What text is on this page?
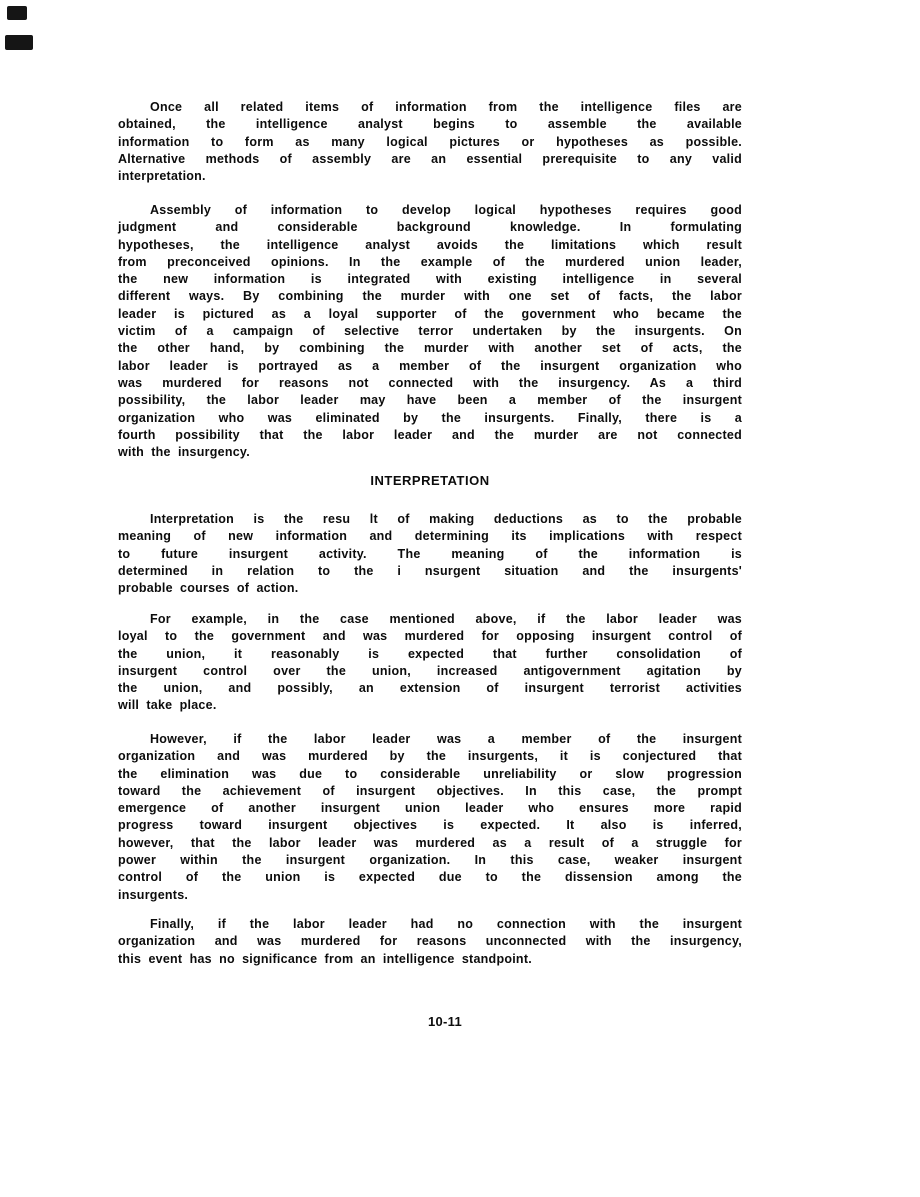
Once all related items of information from the intelligence files are
obtained, the intelligence analyst begins to assemble the available
information to form as many logical pictures or hypotheses as possible.
Alternative methods of assembly are an essential prerequisite to any valid
interpretation.
Assembly of information to develop logical hypotheses requires good
judgment and considerable background knowledge. In formulating
hypotheses, the intelligence analyst avoids the limitations which result
from preconceived opinions. In the example of the murdered union leader,
the new information is integrated with existing intelligence in several
different ways. By combining the murder with one set of facts, the labor
leader is pictured as a loyal supporter of the government who became the
victim of a campaign of selective terror undertaken by the insurgents. On
the other hand, by combining the murder with another set of acts, the
labor leader is portrayed as a member of the insurgent organization who
was murdered for reasons not connected with the insurgency. As a third
possibility, the labor leader may have been a member of the insurgent
organization who was eliminated by the insurgents. Finally, there is a
fourth possibility that the labor leader and the murder are not connected
with the insurgency.
INTERPRETATION
Interpretation is the resu lt of making deductions as to the probable
meaning of new information and determining its implications with respect
to future insurgent activity. The meaning of the information is
determined in relation to the i nsurgent situation and the insurgents'
probable courses of action.
For example, in the case mentioned above, if the labor leader was
loyal to the government and was murdered for opposing insurgent control of
the union, it reasonably is expected that further consolidation of
insurgent control over the union, increased antigovernment agitation by
the union, and possibly, an extension of insurgent terrorist activities
will take place.
However, if the labor leader was a member of the insurgent
organization and was murdered by the insurgents, it is conjectured that
the elimination was due to considerable unreliability or slow progression
toward the achievement of insurgent objectives. In this case, the prompt
emergence of another insurgent union leader who ensures more rapid
progress toward insurgent objectives is expected. It also is inferred,
however, that the labor leader was murdered as a result of a struggle for
power within the insurgent organization. In this case, weaker insurgent
control of the union is expected due to the dissension among the
insurgents.
Finally, if the labor leader had no connection with the insurgent
organization and was murdered for reasons unconnected with the insurgency,
this event has no significance from an intelligence standpoint.
10-11
